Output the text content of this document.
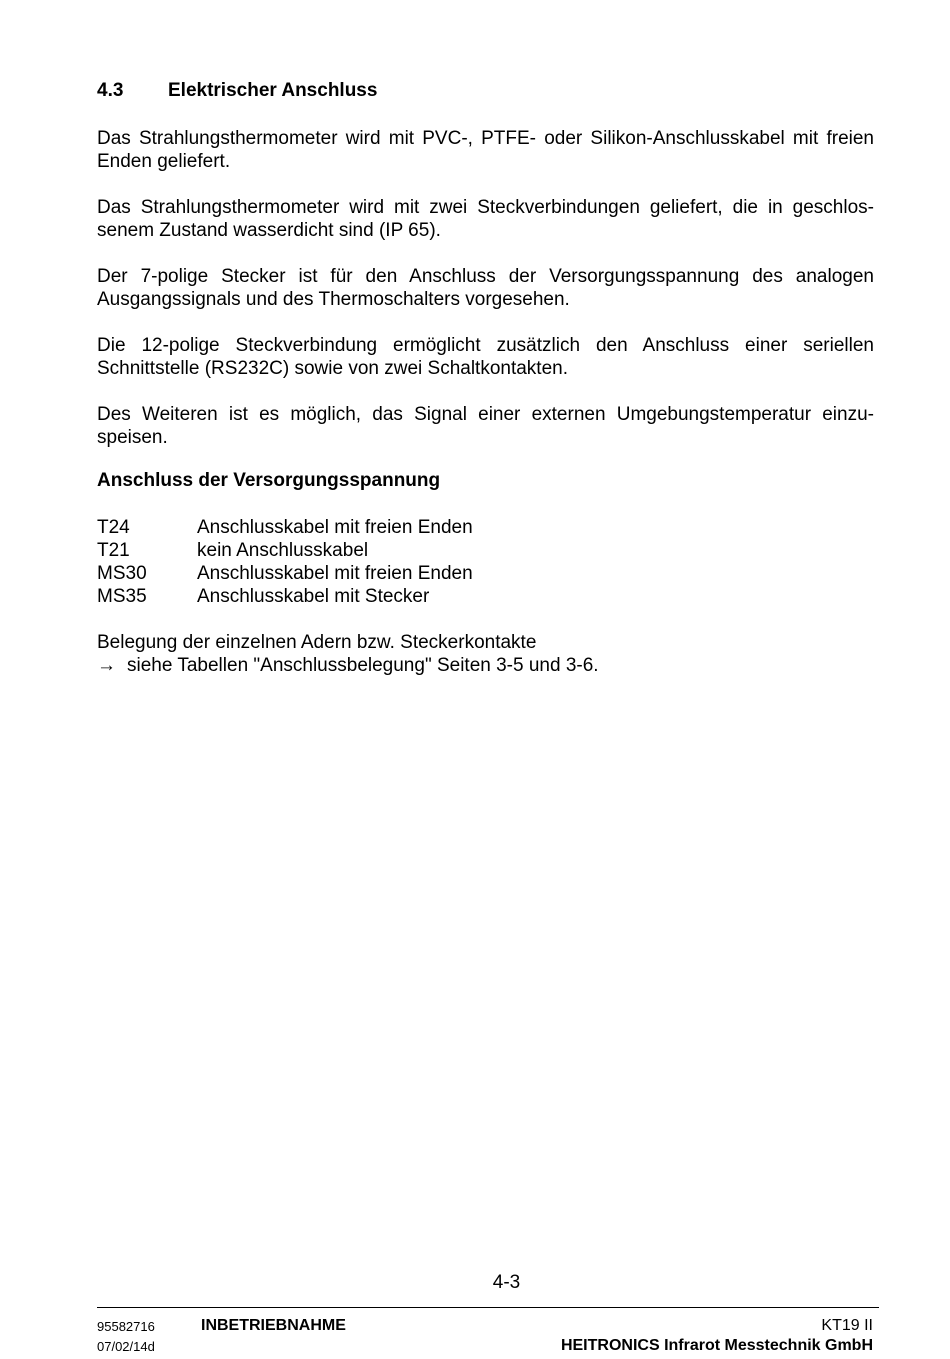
4.3 Elektrischer Anschluss
Das Strahlungsthermometer wird mit PVC-, PTFE- oder Silikon-Anschlusskabel mit freien Enden geliefert.
Das Strahlungsthermometer wird mit zwei Steckverbindungen geliefert, die in geschlos-senem Zustand wasserdicht sind (IP 65).
Der 7-polige Stecker ist für den Anschluss der Versorgungsspannung des analogen Ausgangssignals und des Thermoschalters vorgesehen.
Die 12-polige Steckverbindung ermöglicht zusätzlich den Anschluss einer seriellen Schnittstelle (RS232C) sowie von zwei Schaltkontakten.
Des Weiteren ist es möglich, das Signal einer externen Umgebungstemperatur einzu-speisen.
Anschluss der Versorgungsspannung
T24	Anschlusskabel mit freien Enden
T21	kein Anschlusskabel
MS30	Anschlusskabel mit freien Enden
MS35	Anschlusskabel mit Stecker
Belegung der einzelnen Adern bzw. Steckerkontakte
→ siehe Tabellen "Anschlussbelegung" Seiten 3-5 und 3-6.
4-3
95582716
07/02/14d
INBETRIEBNAHME	KT19 II
HEITRONICS Infrarot Messtechnik GmbH
